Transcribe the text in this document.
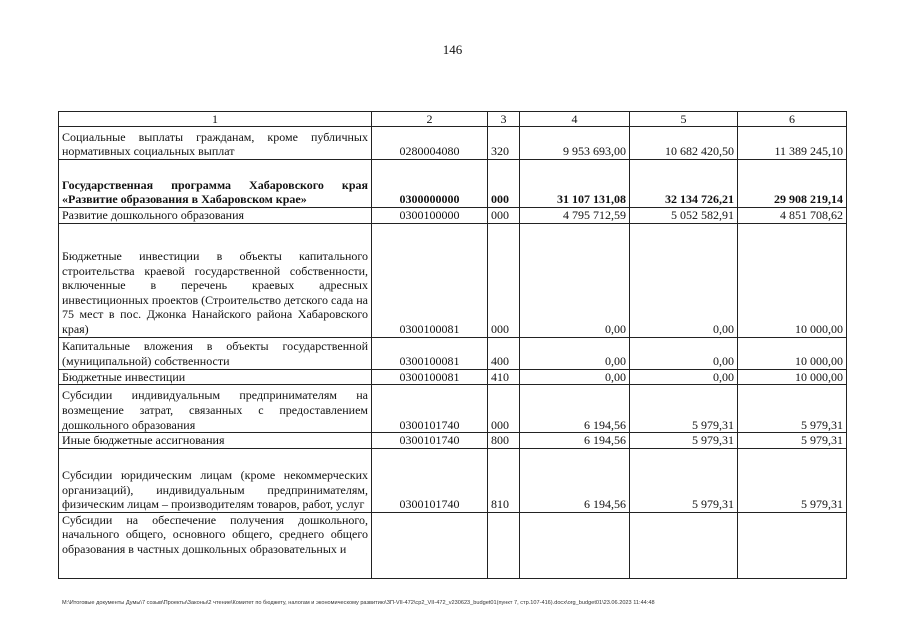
146
1	2	3	4	5	6
Социальные выплаты гражданам, кроме публичных нормативных социальных выплат	0280004080	320	9 953 693,00	10 682 420,50	11 389 245,10
Государственная программа Хабаровского края «Развитие образования в Хабаровском крае»	0300000000	000	31 107 131,08	32 134 726,21	29 908 219,14
Развитие дошкольного образования	0300100000	000	4 795 712,59	5 052 582,91	4 851 708,62
Бюджетные инвестиции в объекты капитального строительства краевой государственной собственности, включенные в перечень краевых адресных инвестиционных проектов (Строительство детского сада на 75 мест в пос. Джонка Нанайского района Хабаровского края)	0300100081	000	0,00	0,00	10 000,00
Капитальные вложения в объекты государственной (муниципальной) собственности	0300100081	400	0,00	0,00	10 000,00
Бюджетные инвестиции	0300100081	410	0,00	0,00	10 000,00
Субсидии индивидуальным предпринимателям на возмещение затрат, связанных с предоставлением дошкольного образования	0300101740	000	6 194,56	5 979,31	5 979,31
Иные бюджетные ассигнования	0300101740	800	6 194,56	5 979,31	5 979,31
Субсидии юридическим лицам (кроме некоммерческих организаций), индивидуальным предпринимателям, физическим лицам – производителям товаров, работ, услуг	0300101740	810	6 194,56	5 979,31	5 979,31
Субсидии на обеспечение получения дошкольного, начального общего, основного общего, среднего общего образования в частных дошкольных образовательных и					
M:\Итоговые документы Думы\7 созыв\Проекты\Законы\2 чтение\Комитет по бюджету, налогам и экономическому развитию\ЗП-VII-472\ср2_VII-472_v230623_budget01(пункт 7, стр.107-416).docx\org_budget01\23.06.2023 11:44:48
